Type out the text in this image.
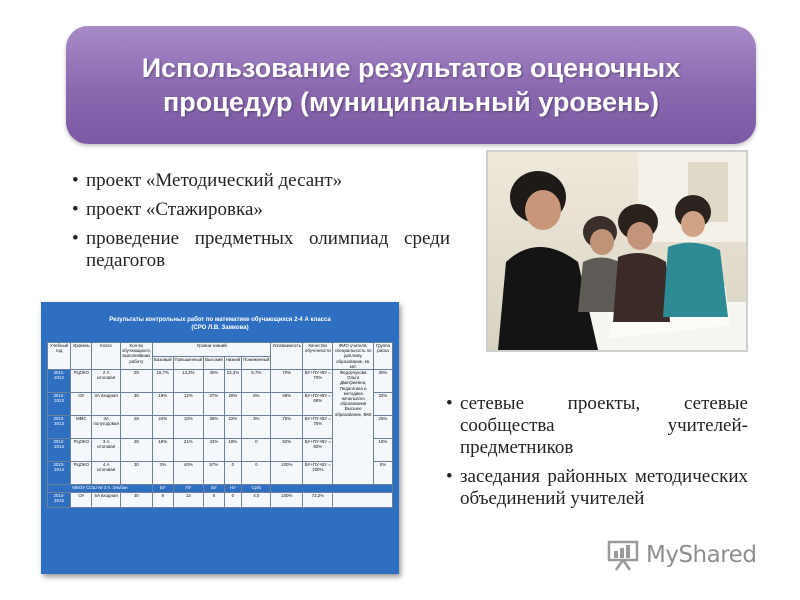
Использование результатов оценочных процедур (муниципальный уровень)
• проект «Методический десант»
• проект «Стажировка»
• проведение предметных олимпиад среди педагогов
Результаты контрольных работ по математике обучающихся 2-4 А класса
(СРО Л.В. Замкова)
Учебный год	Уровень	Класс	Кол-во обучающихся, выполнявших работу	Уровни знаний					Успеваемость	Качество обученности	ФИО учителя, специальность по диплому, образование, кв. кат.	Группа риска
				Базовый	Повышенный	Высокий	Низкий	Пониженный				
2011-2012	РЦОКО	2 А итоговая	29	16,7%	13,3%	40%	23,3%	6,7%	70%	БУ+ПУ+ВУ = 70%	Федорчукова Ольга Дмитриевна, Педагогика и методика начального образования Высшее образование, ВКК	30%
2012-2013	ОУ	3А входная	30	19%	12%	37%	26%	6%	68%	БУ+ПУ+ВУ = 68%		32%
2012-2013	ММС	3А полугодовая	28	24%	15%	36%	22%	3%	75%	БУ+ПУ+ВУ = 75%		25%
2012-2013	РЦОКО	3 А итоговая	28	18%	21%	43%	18%	0	82%	БУ+ПУ+ВУ = 82%		18%
2013-2014	РЦОКО	4 А итоговая	30	3%	40%	57%	0	0	100%	БУ+ПУ+ВУ = 100%		0%
МБОУ СОШ № 3 п. Эльбан				БУ	ПУ	ВУ	НУ	Ср/Б				
2014-2015	ОУ	5А входная	30	9	13	8	0	4,0	100%	73,3%		
• сетевые проекты, сетевые сообщества учителей-предметников
• заседания районных методических объединений учителей
MyShared
